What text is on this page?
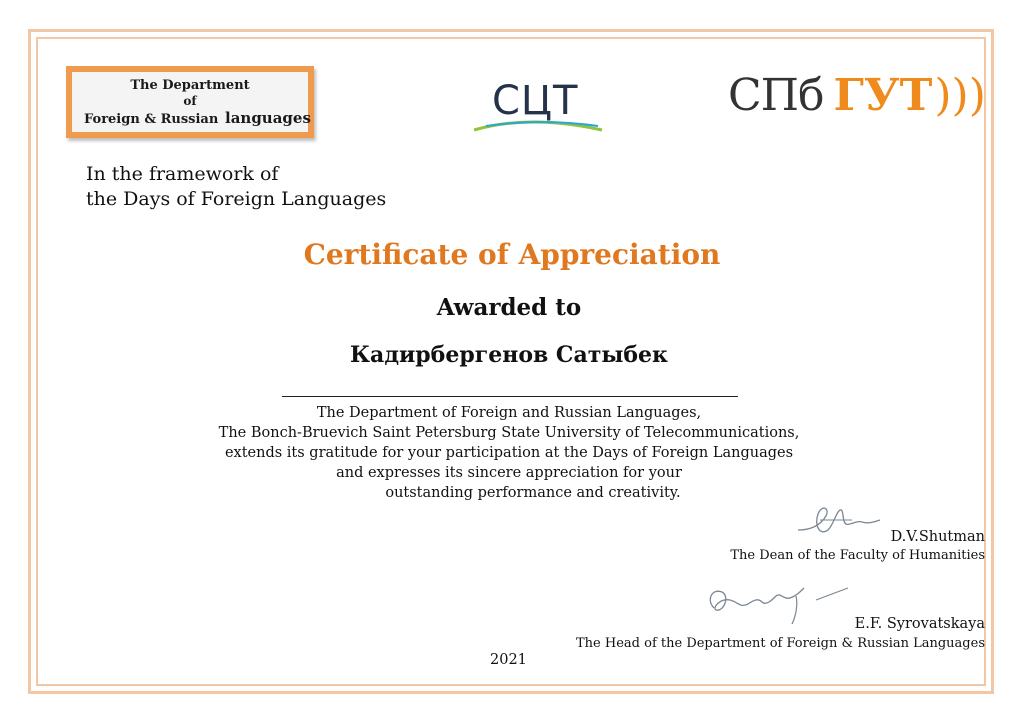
The Department
of
Foreign & Russian languages	СЦТ	СПб ГУТ)))
In the framework of
the Days of Foreign Languages
Certificate of Appreciation
Awarded to
Кадирбергенов Сатыбек
The Department of Foreign and Russian Languages,
The Bonch-Bruevich Saint Petersburg State University of Telecommunications,
extends its gratitude for your participation at the Days of Foreign Languages
and expresses its sincere appreciation for your
outstanding performance and creativity.
D.V.Shutman
The Dean of the Faculty of Humanities
E.F. Syrovatskaya
The Head of the Department of Foreign & Russian Languages
2021
